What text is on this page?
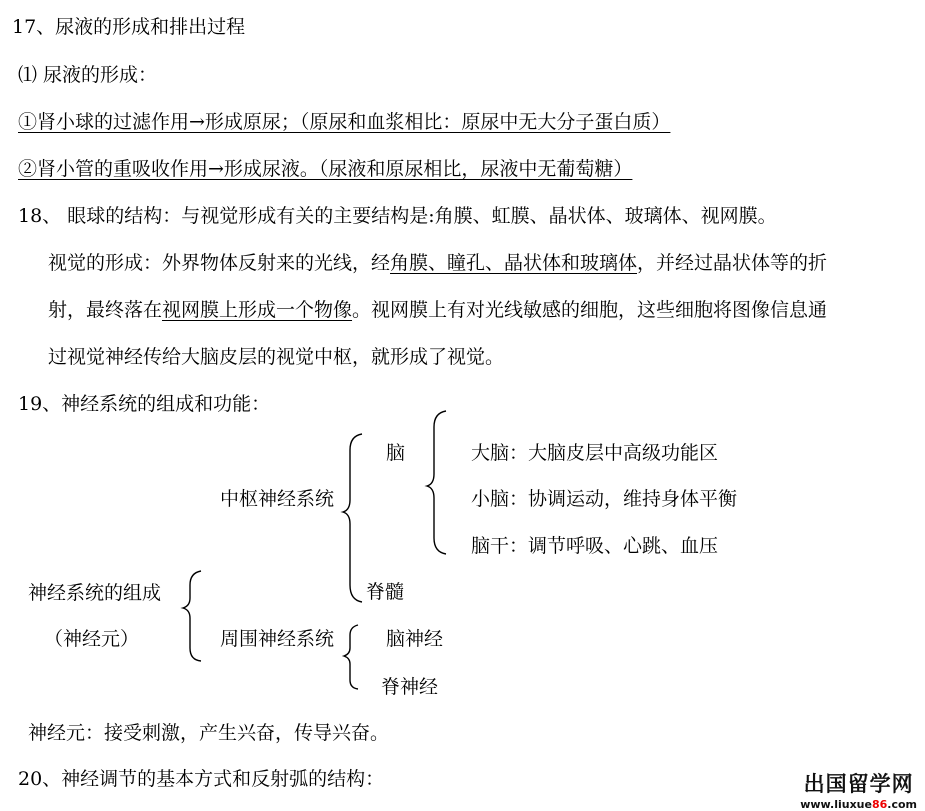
17、尿液的形成和排出过程
⑴ 尿液的形成：
①肾小球的过滤作用→形成原尿；（原尿和血浆相比：原尿中无大分子蛋白质）
②肾小管的重吸收作用→形成尿液。（尿液和原尿相比，尿液中无葡萄糖）
18、 眼球的结构：与视觉形成有关的主要结构是:角膜、虹膜、晶状体、玻璃体、视网膜。
视觉的形成：外界物体反射来的光线，经角膜、瞳孔、晶状体和玻璃体，并经过晶状体等的折
射，最终落在视网膜上形成一个物像。视网膜上有对光线敏感的细胞，这些细胞将图像信息通
过视觉神经传给大脑皮层的视觉中枢，就形成了视觉。
19、神经系统的组成和功能：
中枢神经系统
脑	大脑：大脑皮层中高级功能区
小脑：协调运动，维持身体平衡
脑干：调节呼吸、心跳、血压
脊髓
神经系统的组成
（神经元）	周围神经系统	脑神经
脊神经
神经元：接受刺激，产生兴奋，传导兴奋。
20、神经调节的基本方式和反射弧的结构：	出国留学网
www.liuxue86.com
